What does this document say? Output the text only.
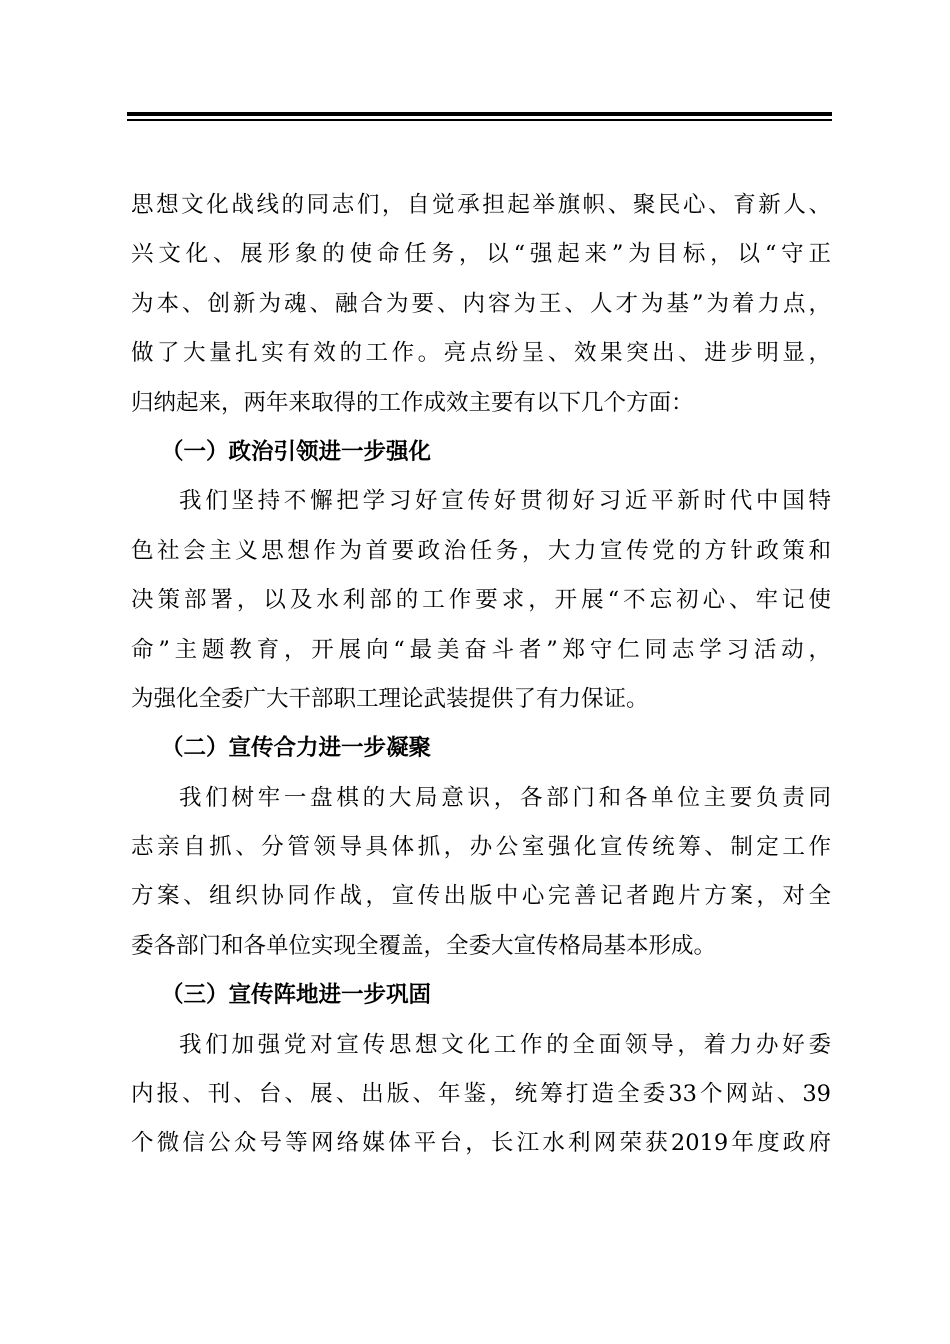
思想文化战线的同志们，自觉承担起举旗帜、聚民心、育新人、
兴文化、展形象的使命任务，以“强起来”为目标，以“守正
为本、创新为魂、融合为要、内容为王、人才为基”为着力点，
做了大量扎实有效的工作。亮点纷呈、效果突出、进步明显，
归纳起来，两年来取得的工作成效主要有以下几个方面：
（一）政治引领进一步强化
我们坚持不懈把学习好宣传好贯彻好习近平新时代中国特
色社会主义思想作为首要政治任务，大力宣传党的方针政策和
决策部署，以及水利部的工作要求，开展“不忘初心、牢记使
命”主题教育，开展向“最美奋斗者”郑守仁同志学习活动，
为强化全委广大干部职工理论武装提供了有力保证。
（二）宣传合力进一步凝聚
我们树牢一盘棋的大局意识，各部门和各单位主要负责同
志亲自抓、分管领导具体抓，办公室强化宣传统筹、制定工作
方案、组织协同作战，宣传出版中心完善记者跑片方案，对全
委各部门和各单位实现全覆盖，全委大宣传格局基本形成。
（三）宣传阵地进一步巩固
我们加强党对宣传思想文化工作的全面领导，着力办好委
内报、刊、台、展、出版、年鉴，统筹打造全委33个网站、39
个微信公众号等网络媒体平台，长江水利网荣获2019年度政府
